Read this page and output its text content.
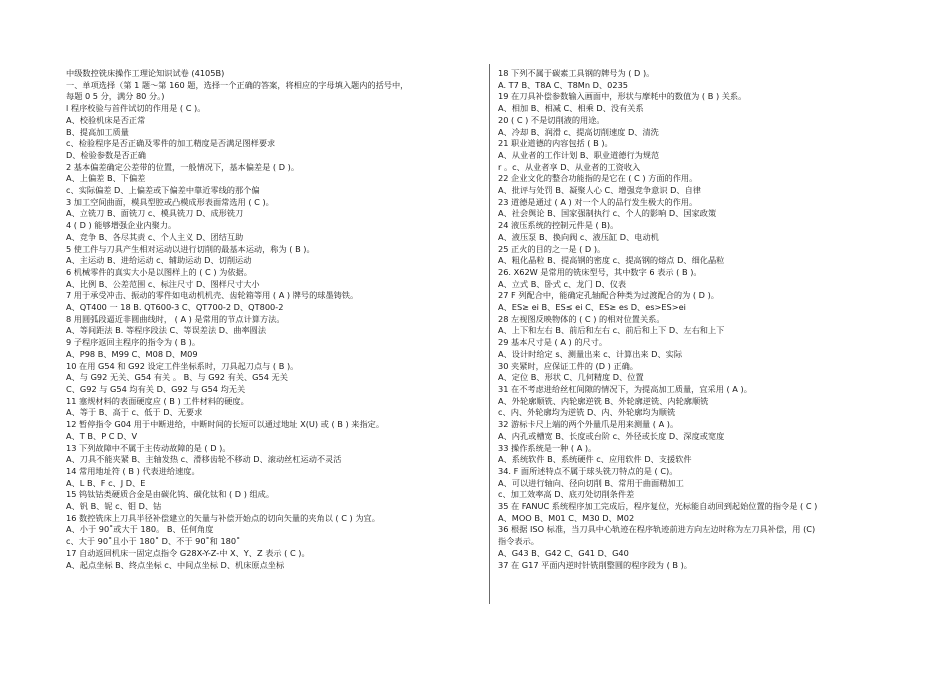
中级数控铣床操作工理论知识试卷 (4105B)
一、单项选择（第 1 题～第 160 题，选择一个正确的答案，将相应的字母填入题内的括号中，
每题 0 5 分，满分 80 分。)
l 程序校验与首件试切的作用是 ( C )。
A、校验机床是否正常
B、提高加工质量
c、检验程序是否正确及零件的加工精度是否满足图样要求
D、检验参数是否正确
2 基本偏差确定公差带的位置，一般情况下，基本偏差是 ( D )。
A、上偏差 B、下偏差
c、实际偏差 D、上偏差或下偏差中靠近零线的那个偏
3 加工空间曲面，模具型腔或凸模成形表面常选用 ( C )。
A、立铣刀 B、面铣刀 c、模具铣刀 D、成形铣刀
4 ( D ) 能够增强企业内聚力。
A、竞争 B、各尽其责 c、个人主义 D、团结互助
5 使工件与刀具产生相对运动以进行切削的最基本运动，称为 ( B )。
A、主运动 B、进给运动 c、辅助运动 D、切削运动
6 机械零件的真实大小是以图样上的 ( C ) 为依据。
A、比例 B、公差范围 c、标注尺寸 D、图样尺寸大小
7 用于承受冲击、振动的零件如电动机机壳、齿轮箱等用 ( A ) 牌号的球墨铸铁。
A、QT400 一 18 B. QT600-3 C、QT700-2 D、QT800-2
8 用圆弧段逼近非圆曲线时， ( A ) 是常用的节点计算方法。
A、等间距法 B. 等程序段法 C、等误差法 D、曲率圆法
9 子程序返回主程序的指令为 ( B )。
A、P98 B、M99 C、M08 D、M09
10 在用 G54 和 G92 设定工件坐标系时，刀具起刀点与 ( B )。
A、与 G92 无关、G54 有关 。 B、与 G92 有关、G54 无关
C、G92 与 G54 均有关 D、G92 与 G54 均无关
11 塞规材料的表面硬度应 ( B ) 工件材料的硬度。
A、等于 B、高于 c、低于 D、无要求
12 暂停指令 G04 用于中断进给，中断时间的长短可以通过地址 X(U) 或 ( B ) 来指定。
A、T B、P C D、V
13 下列故障中不属于主传动故障的是 ( D )。
A、刀具不能夹紧 B、主轴发热 c、滑移齿轮不移动 D、滚动丝杠运动不灵活
14 常用地址符 ( B ) 代表进给速度。
A、L B、F c、J D、E
15 钨钛钴类硬质合金是由碳化钨、碳化钛和 ( D ) 组成。
A、钒 B、铌 c、钼 D、钴
16 数控铣床上刀具半径补偿建立的矢量与补偿开始点的切向矢量的夹角以 ( C ) 为宜。
A、小于 90˚或大于 180。 B、任何角度
c、大于 90˚且小于 180˚ D、不于 90˚和 180˚
17 自动返回机床一固定点指令 G28X-Y-Z-中 X、Y、Z 表示 ( C )。
A、起点坐标 B、终点坐标 c、中间点坐标 D、机床原点坐标
18 下列不属于碳素工具钢的牌号为 ( D )。
A. T7 B、T8A C、T8Mn D、0235
19 在刀具补偿参数输入画面中，形状与摩耗中的数值为 ( B ) 关系。
A、相加 B、相减 C、相乘 D、没有关系
20 ( C ) 不是切削液的用途。
A、冷却 B、润滑 c、提高切削速度 D、清洗
21 职业道德的内容包括 ( B )。
A、从业者的工作计划 B、职业道德行为规范
r 。c、从业者享 D、从业者的工资收入
22 企业文化的整合功能指的是它在 ( C ) 方面的作用。
A、批评与处罚 B、凝聚人心 C、增强竞争意识 D、自律
23 道德是通过 ( A ) 对一个人的品行发生极大的作用。
A、社会舆论 B、国家强制执行 c、个人的影响 D、国家政策
24 液压系统的控制元件是 ( B)。
A、液压泵 B、换向阀 c、液压缸 D、电动机
25 正火的目的之一是 ( D )。
A、粗化晶粒 B、提高钢的密度 c、提高钢的熔点 D、细化晶粒
26. X62W 是常用的铣床型号，其中数字 6 表示 ( B )。
A、立式 B、卧式 c、龙门 D、仪表
27 F 列配合中，能确定孔轴配合种类为过渡配合的为 ( D )。
A、ES≥ ei B、ES≤ ei C、ES≥ es D、es>ES>ei
28 左视图反映物体的 ( C ) 的相对位置关系。
A、上下和左右 B、前后和左右 c、前后和上下 D、左右和上下
29 基本尺寸是 ( A ) 的尺寸。
A、设计时给定 s、测量出来 c、计算出来 D、实际
30 夹紧时，应保证工件的 (D ) 正确。
A、定位 B、形状 C、几何精度 D、位置
31 在不考虑进给丝杠间隙的情况下，为提高加工质量，宜采用 ( A )。
A、外轮廓顺铣、内轮廓逆铣 B、外轮廓逆铣、内轮廓顺铣
c、内、外轮廓均为逆铣 D、内、外轮廓均为顺铣
32 游标卡尺上端的两个外量爪是用来测量 ( A )。
A、内孔或槽宽 B、长度或台阶 c、外径或长度 D、深度或宽度
33 操作系统是一种 ( A )。
A、系统软件 B、系统硬件 c、应用软件 D、支援软件
34. F 面所述特点不属于球头铣刀特点的是 ( C)。
A、可以进行轴向、径向切削 B、常用于曲面精加工
c、加工效率高 D、底刃处切削条件差
35 在 FANUC 系统程序加工完成后，程序复位，光标能自动回到起始位置的指令是 ( C )
A、MOO B、M01 C、M30 D、M02
36 根据 ISO 标准，当刀具中心轨迹在程序轨迹前进方向左边时称为左刀具补偿，用 (C)
指令表示。
A、G43 B、G42 C、G41 D、G40
37 在 G17 平面内逆时针铣削整圆的程序段为 ( B )。
